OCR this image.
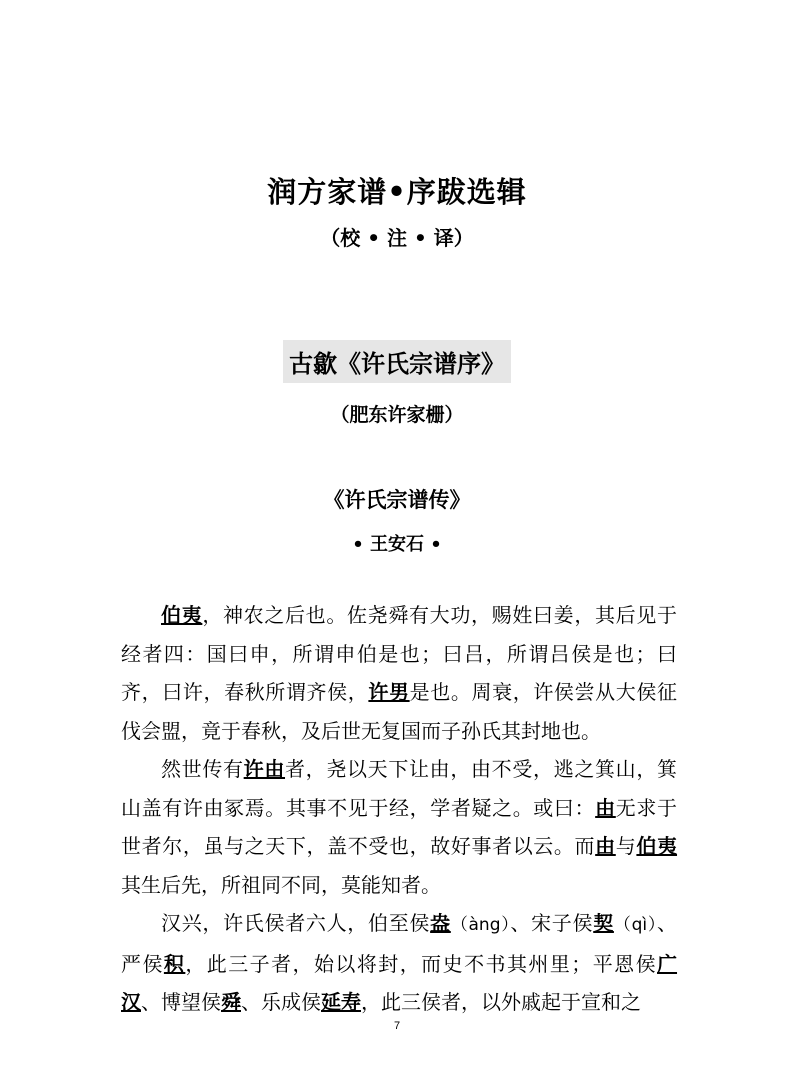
润方家谱•序跋选辑
（校 • 注 • 译）
古歙《许氏宗谱序》
（肥东许家栅）
《许氏宗谱传》
• 王安石 •

伯夷，神农之后也。佐尧舜有大功，赐姓曰姜，其后见于经者四：国曰申，所谓申伯是也；曰吕，所谓吕侯是也；曰齐，曰许，春秋所谓齐侯，许男是也。周衰，许侯尝从大侯征伐会盟，竟于春秋，及后世无复国而子孙氏其封地也。

然世传有许由者，尧以天下让由，由不受，逃之箕山，箕山盖有许由冢焉。其事不见于经，学者疑之。或曰：由无求于世者尔，虽与之天下，盖不受也，故好事者以云。而由与伯夷其生后先，所祖同不同，莫能知者。

汉兴，许氏侯者六人，伯至侯盎（àng）、宋子侯契（qì）、严侯积，此三子者，始以将封，而史不书其州里；平恩侯广汉、博望侯舜、乐成侯延寿，此三侯者，以外戚起于宣和之

7
